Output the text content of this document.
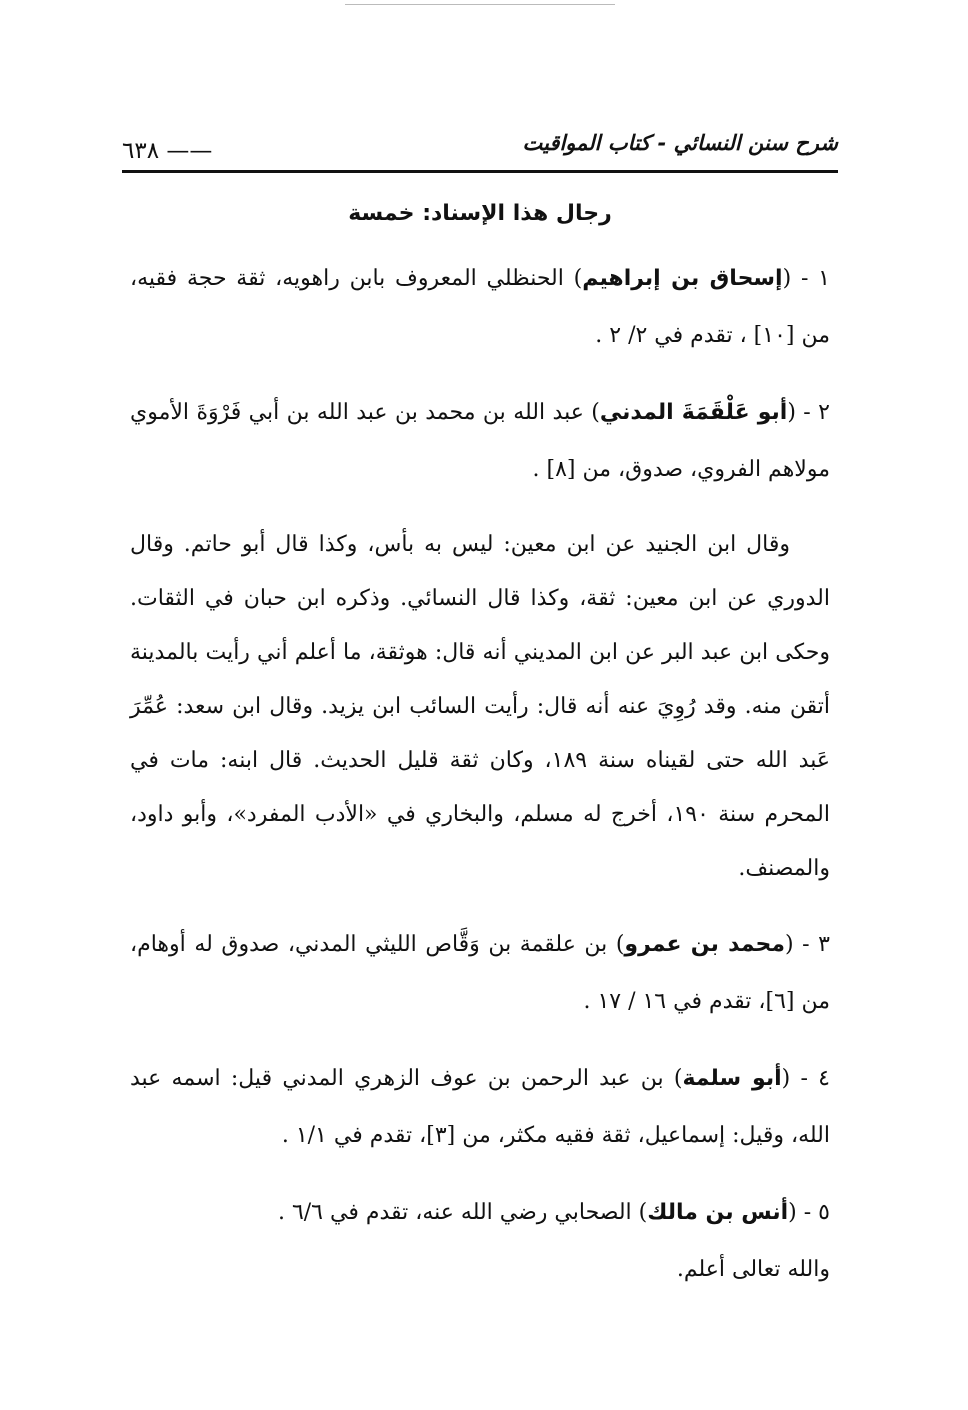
شرح سنن النسائي - كتاب المواقيت
٦٣٨ ——
رجال هذا الإسناد: خمسة

١ - (إسحاق بن إبراهيم) الحنظلي المعروف بابن راهويه، ثقة حجة فقيه، من [١٠] ، تقدم في ٢/ ٢ .

٢ - (أبو عَلْقَمَةَ المدني) عبد الله بن محمد بن عبد الله بن أبي فَرْوَةَ الأموي مولاهم الفروي، صدوق، من [٨] .

وقال ابن الجنيد عن ابن معين: ليس به بأس، وكذا قال أبو حاتم. وقال الدوري عن ابن معين: ثقة، وكذا قال النسائي. وذكره ابن حبان في الثقات. وحكى ابن عبد البر عن ابن المديني أنه قال: هوثقة، ما أعلم أني رأيت بالمدينة أتقن منه. وقد رُوِيَ عنه أنه قال: رأيت السائب ابن يزيد. وقال ابن سعد: عُمِّرَ عَبد الله حتى لقيناه سنة ١٨٩، وكان ثقة قليل الحديث. قال ابنه: مات في المحرم سنة ١٩٠، أخرج له مسلم، والبخاري في «الأدب المفرد»، وأبو داود، والمصنف.

٣ - (محمد بن عمرو) بن علقمة بن وَقَّاص الليثي المدني، صدوق له أوهام، من [٦]، تقدم في ١٦ / ١٧ .

٤ - (أبو سلمة) بن عبد الرحمن بن عوف الزهري المدني قيل: اسمه عبد الله، وقيل: إسماعيل، ثقة فقيه مكثر، من [٣]، تقدم في ١/١ .

٥ - (أنس بن مالك) الصحابي رضي الله عنه، تقدم في ٦/٦ .

والله تعالى أعلم.
